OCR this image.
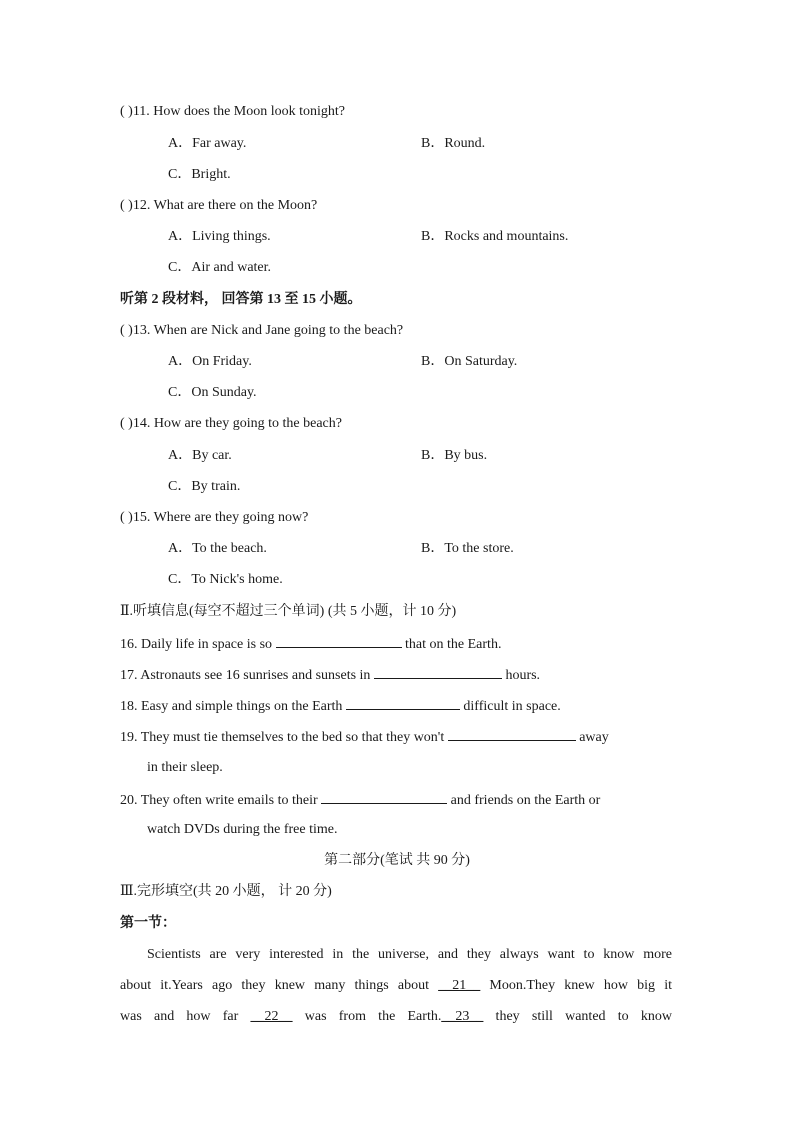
( )11. How does the Moon look tonight?
A．Far away.	B．Round.
C．Bright.
( )12. What are there on the Moon?
A．Living things.	B．Rocks and mountains.
C．Air and water.
听第 2 段材料， 回答第 13 至 15 小题。
( )13. When are Nick and Jane going to the beach?
A．On Friday.	B．On Saturday.
C．On Sunday.
( )14. How are they going to the beach?
A．By car.	B．By bus.
C．By train.
( )15. Where are they going now?
A．To the beach.	B．To the store.
C．To Nick's home.
Ⅱ.听填信息(每空不超过三个单词) (共 5 小题，计 10 分)
16. Daily life in space is so	that on the Earth.
17. Astronauts see 16 sunrises and sunsets in	hours.
18. Easy and simple things on the Earth	difficult in space.
19. They must tie themselves to the bed so that they won't	away
in their sleep.
20. They often write emails to their	and friends on the Earth or
watch DVDs during the free time.
第二部分(笔试 共 90 分)
Ⅲ.完形填空(共 20 小题， 计 20 分)
第一节：
Scientists are very interested in the universe, and they always want to know more
about it.Years ago they knew many things about __21__ Moon.They knew how big it
was and how far __22__ was from the Earth.__23__ they still wanted to know
